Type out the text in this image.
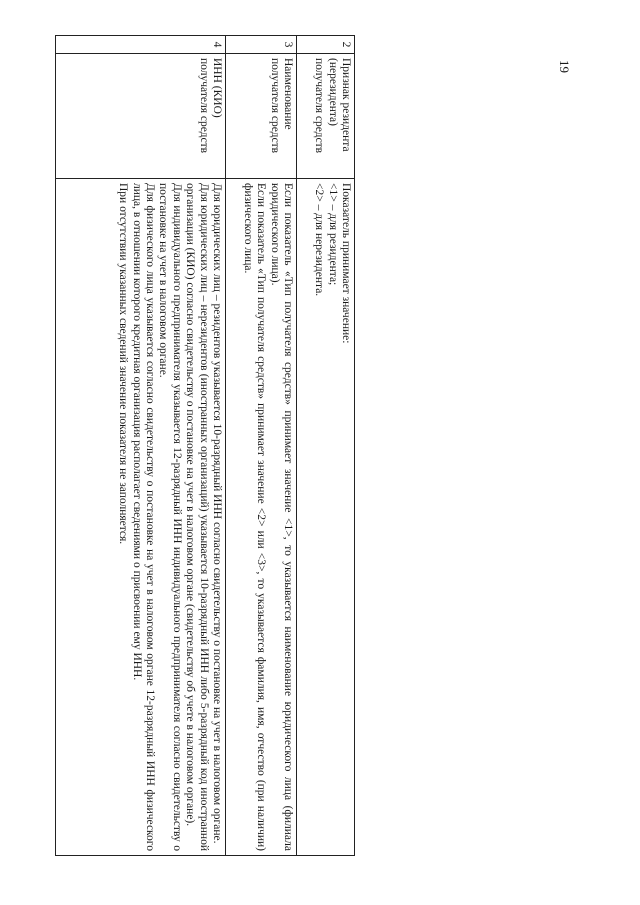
19
2	Признак резидента (нерезидента) получателя средств	Показатель принимает значение:
<1> – для резидента;
<2> – для нерезидента.

3	Наименование получателя средств	Если показатель «Тип получателя средств» принимает значение <1>, то указывается наименование юридического лица (филиала юридического лица).
Если показатель «Тип получателя средств» принимает значение <2> или <3>, то указывается фамилия, имя, отчество (при наличии) физического лица.

4	ИНН (КИО) получателя средств	Для юридических лиц – резидентов указывается 10-разрядный ИНН согласно свидетельству о постановке на учет в налоговом органе.
Для юридических лиц – нерезидентов (иностранных организаций) указывается 10-разрядный ИНН либо 5-разрядный код иностранной организации (КИО) согласно свидетельству о постановке на учет в налоговом органе (свидетельству об учете в налоговом органе).
Для индивидуального предпринимателя указывается 12-разрядный ИНН индивидуального предпринимателя согласно свидетельству о постановке на учет в налоговом органе.
Для физического лица указывается согласно свидетельству о постановке на учет в налоговом органе 12-разрядный ИНН физического лица, в отношении которого кредитная организация располагает сведениями о присвоении ему ИНН.
При отсутствии указанных сведений значение показателя не заполняется.
